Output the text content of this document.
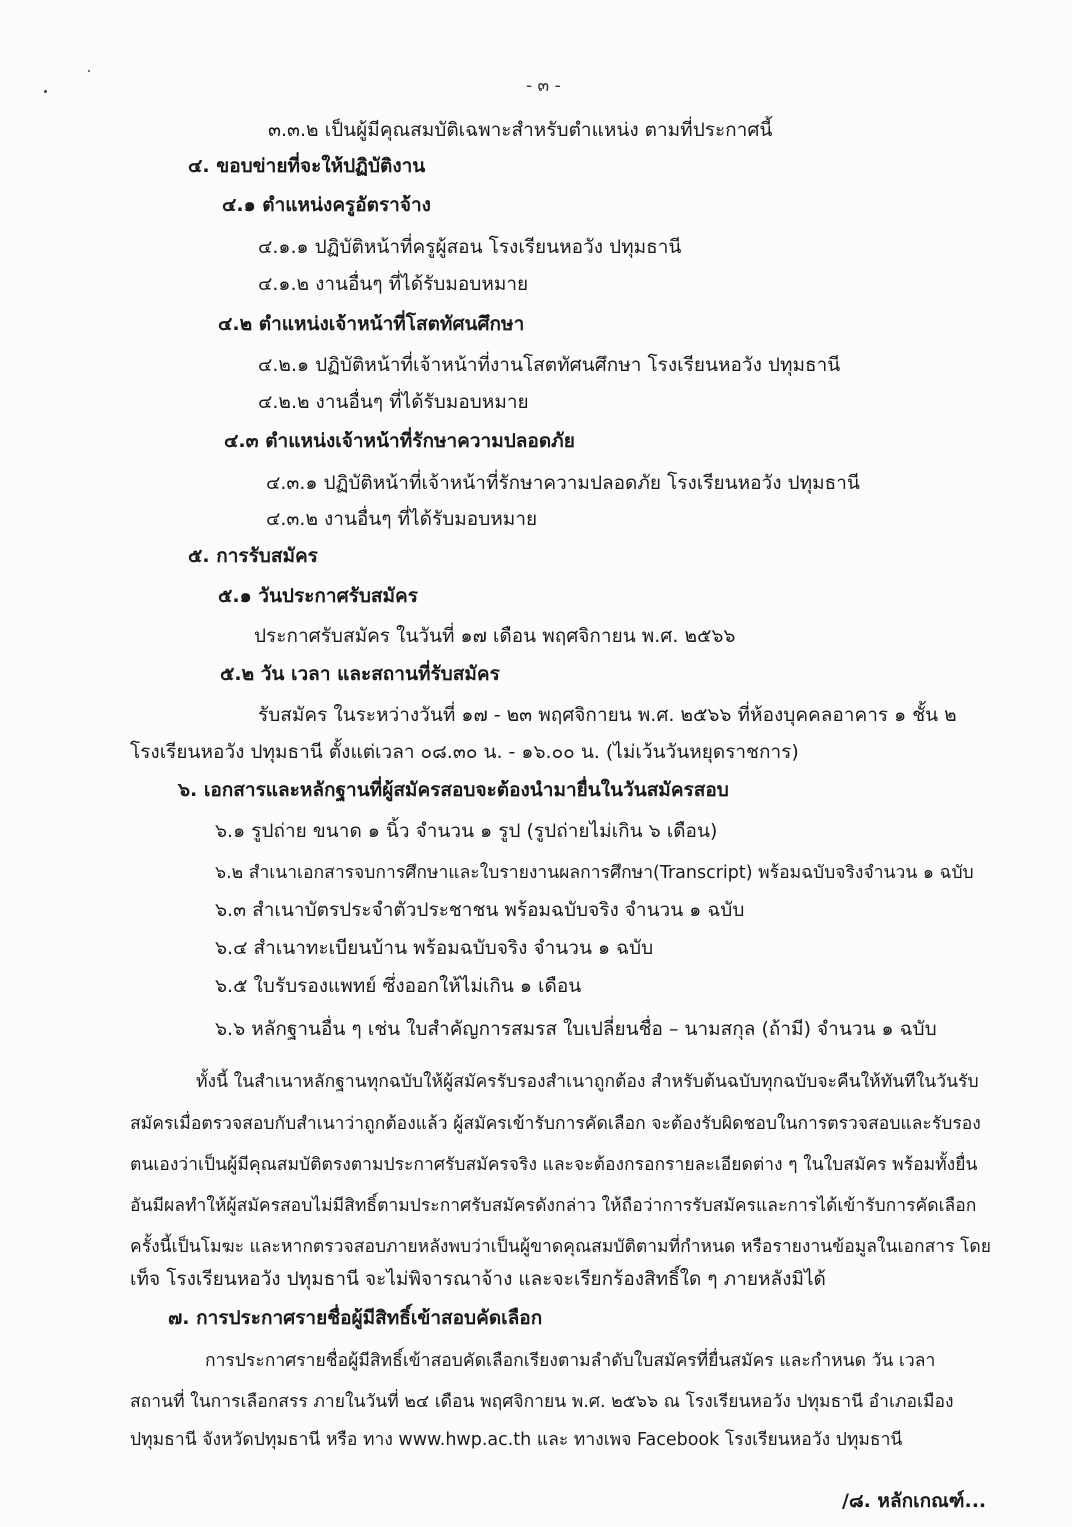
- ๓ -
๓.๓.๒ เป็นผู้มีคุณสมบัติเฉพาะสำหรับตำแหน่ง ตามที่ประกาศนี้
๔. ขอบข่ายที่จะให้ปฏิบัติงาน
๔.๑ ตำแหน่งครูอัตราจ้าง
๔.๑.๑ ปฏิบัติหน้าที่ครูผู้สอน โรงเรียนหอวัง ปทุมธานี
๔.๑.๒ งานอื่นๆ ที่ได้รับมอบหมาย
๔.๒ ตำแหน่งเจ้าหน้าที่โสตทัศนศึกษา
๔.๒.๑ ปฏิบัติหน้าที่เจ้าหน้าที่งานโสตทัศนศึกษา โรงเรียนหอวัง ปทุมธานี
๔.๒.๒ งานอื่นๆ ที่ได้รับมอบหมาย
๔.๓ ตำแหน่งเจ้าหน้าที่รักษาความปลอดภัย
๔.๓.๑ ปฏิบัติหน้าที่เจ้าหน้าที่รักษาความปลอดภัย โรงเรียนหอวัง ปทุมธานี
๔.๓.๒ งานอื่นๆ ที่ได้รับมอบหมาย
๕. การรับสมัคร
๕.๑ วันประกาศรับสมัคร
ประกาศรับสมัคร ในวันที่ ๑๗ เดือน พฤศจิกายน พ.ศ. ๒๕๖๖
๕.๒ วัน เวลา และสถานที่รับสมัคร
รับสมัคร ในระหว่างวันที่ ๑๗ - ๒๓ พฤศจิกายน พ.ศ. ๒๕๖๖ ที่ห้องบุคคลอาคาร ๑ ชั้น ๒
โรงเรียนหอวัง ปทุมธานี ตั้งแต่เวลา ๐๘.๓๐ น. - ๑๖.๐๐ น. (ไม่เว้นวันหยุดราชการ)
๖. เอกสารและหลักฐานที่ผู้สมัครสอบจะต้องนำมายื่นในวันสมัครสอบ
๖.๑ รูปถ่าย ขนาด ๑ นิ้ว จำนวน ๑ รูป (รูปถ่ายไม่เกิน ๖ เดือน)
๖.๒ สำเนาเอกสารจบการศึกษาและใบรายงานผลการศึกษา(Transcript) พร้อมฉบับจริงจำนวน ๑ ฉบับ
๖.๓ สำเนาบัตรประจำตัวประชาชน พร้อมฉบับจริง จำนวน ๑ ฉบับ
๖.๔ สำเนาทะเบียนบ้าน พร้อมฉบับจริง จำนวน ๑ ฉบับ
๖.๕ ใบรับรองแพทย์ ซึ่งออกให้ไม่เกิน ๑ เดือน
๖.๖ หลักฐานอื่น ๆ เช่น ใบสำคัญการสมรส ใบเปลี่ยนชื่อ – นามสกุล (ถ้ามี) จำนวน ๑ ฉบับ
ทั้งนี้ ในสำเนาหลักฐานทุกฉบับให้ผู้สมัครรับรองสำเนาถูกต้อง สำหรับต้นฉบับทุกฉบับจะคืนให้ทันทีในวันรับ
สมัครเมื่อตรวจสอบกับสำเนาว่าถูกต้องแล้ว ผู้สมัครเข้ารับการคัดเลือก จะต้องรับผิดชอบในการตรวจสอบและรับรอง
ตนเองว่าเป็นผู้มีคุณสมบัติตรงตามประกาศรับสมัครจริง และจะต้องกรอกรายละเอียดต่าง ๆ ในใบสมัคร พร้อมทั้งยื่น
อันมีผลทำให้ผู้สมัครสอบไม่มีสิทธิ์ตามประกาศรับสมัครดังกล่าว ให้ถือว่าการรับสมัครและการได้เข้ารับการคัดเลือก
ครั้งนี้เป็นโมฆะ และหากตรวจสอบภายหลังพบว่าเป็นผู้ขาดคุณสมบัติตามที่กำหนด หรือรายงานข้อมูลในเอกสาร โดย
เท็จ โรงเรียนหอวัง ปทุมธานี จะไม่พิจารณาจ้าง และจะเรียกร้องสิทธิ์ใด ๆ ภายหลังมิได้
๗. การประกาศรายชื่อผู้มีสิทธิ์เข้าสอบคัดเลือก
การประกาศรายชื่อผู้มีสิทธิ์เข้าสอบคัดเลือกเรียงตามลำดับใบสมัครที่ยื่นสมัคร และกำหนด วัน เวลา
สถานที่ ในการเลือกสรร ภายในวันที่ ๒๔ เดือน พฤศจิกายน พ.ศ. ๒๕๖๖ ณ โรงเรียนหอวัง ปทุมธานี อำเภอเมือง
ปทุมธานี จังหวัดปทุมธานี หรือ ทาง www.hwp.ac.th และ ทางเพจ Facebook โรงเรียนหอวัง ปทุมธานี
/๘. หลักเกณฑ์...
